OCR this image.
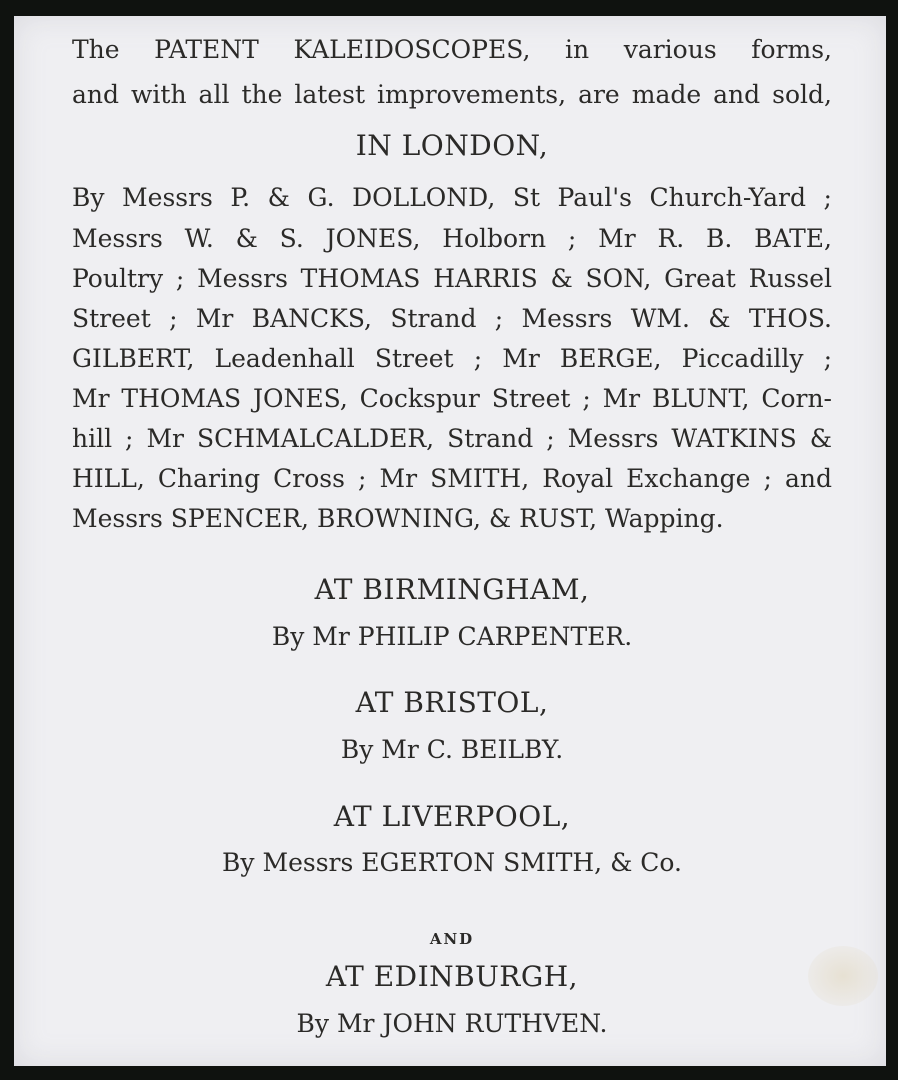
The PATENT KALEIDOSCOPES, in various forms,
and with all the latest improvements, are made and sold,
IN LONDON,
By Messrs P. & G. DOLLOND, St Paul's Church-Yard ;
Messrs W. & S. JONES, Holborn ; Mr R. B. BATE,
Poultry ; Messrs THOMAS HARRIS & SON, Great Russel
Street ; Mr BANCKS, Strand ; Messrs WM. & THOS.
GILBERT, Leadenhall Street ; Mr BERGE, Piccadilly ;
Mr THOMAS JONES, Cockspur Street ; Mr BLUNT, Corn-
hill ; Mr SCHMALCALDER, Strand ; Messrs WATKINS &
HILL, Charing Cross ; Mr SMITH, Royal Exchange ; and
Messrs SPENCER, BROWNING, & RUST, Wapping.
AT BIRMINGHAM,
By Mr PHILIP CARPENTER.
AT BRISTOL,
By Mr C. BEILBY.
AT LIVERPOOL,
By Messrs EGERTON SMITH, & Co.
AND
AT EDINBURGH,
By Mr JOHN RUTHVEN.
